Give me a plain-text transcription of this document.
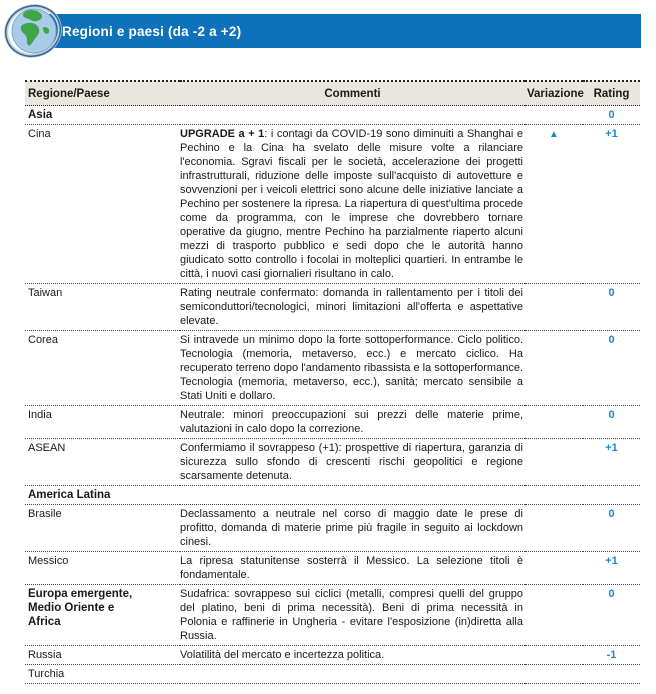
Regioni e paesi (da -2 a +2)
Regione/Paese	Commenti	Variazione	Rating
Asia			0
Cina	UPGRADE a + 1: i contagi da COVID-19 sono diminuiti a Shanghai e Pechino e la Cina ha svelato delle misure volte a rilanciare l'economia. Sgravi fiscali per le società, accelerazione dei progetti infrastrutturali, riduzione delle imposte sull'acquisto di autovetture e sovvenzioni per i veicoli elettrici sono alcune delle iniziative lanciate a Pechino per sostenere la ripresa. La riapertura di quest'ultima procede come da programma, con le imprese che dovrebbero tornare operative da giugno, mentre Pechino ha parzialmente riaperto alcuni mezzi di trasporto pubblico e sedi dopo che le autorità hanno giudicato sotto controllo i focolai in molteplici quartieri. In entrambe le città, i nuovi casi giornalieri risultano in calo.	▲	+1
Taiwan	Rating neutrale confermato: domanda in rallentamento per i titoli dei semiconduttori/tecnologici, minori limitazioni all'offerta e aspettative elevate.		0
Corea	Si intravede un minimo dopo la forte sottoperformance. Ciclo politico. Tecnologia (memoria, metaverso, ecc.) e mercato ciclico. Ha recuperato terreno dopo l'andamento ribassista e la sottoperformance. Tecnologia (memoria, metaverso, ecc.), sanità; mercato sensibile a Stati Uniti e dollaro.		0
India	Neutrale: minori preoccupazioni sui prezzi delle materie prime, valutazioni in calo dopo la correzione.		0
ASEAN	Confermiamo il sovrappeso (+1): prospettive di riapertura, garanzia di sicurezza sullo sfondo di crescenti rischi geopolitici e regione scarsamente detenuta.		+1
America Latina			
Brasile	Declassamento a neutrale nel corso di maggio date le prese di profitto, domanda di materie prime più fragile in seguito ai lockdown cinesi.		0
Messico	La ripresa statunitense sosterrà il Messico. La selezione titoli è fondamentale.		+1
Europa emergente, Medio Oriente e Africa	Sudafrica: sovrappeso sui ciclici (metalli, compresi quelli del gruppo del platino, beni di prima necessità). Beni di prima necessità in Polonia e raffinerie in Ungheria - evitare l'esposizione (in)diretta alla Russia.		0
Russia	Volatilità del mercato e incertezza politica.		-1
Turchia			
